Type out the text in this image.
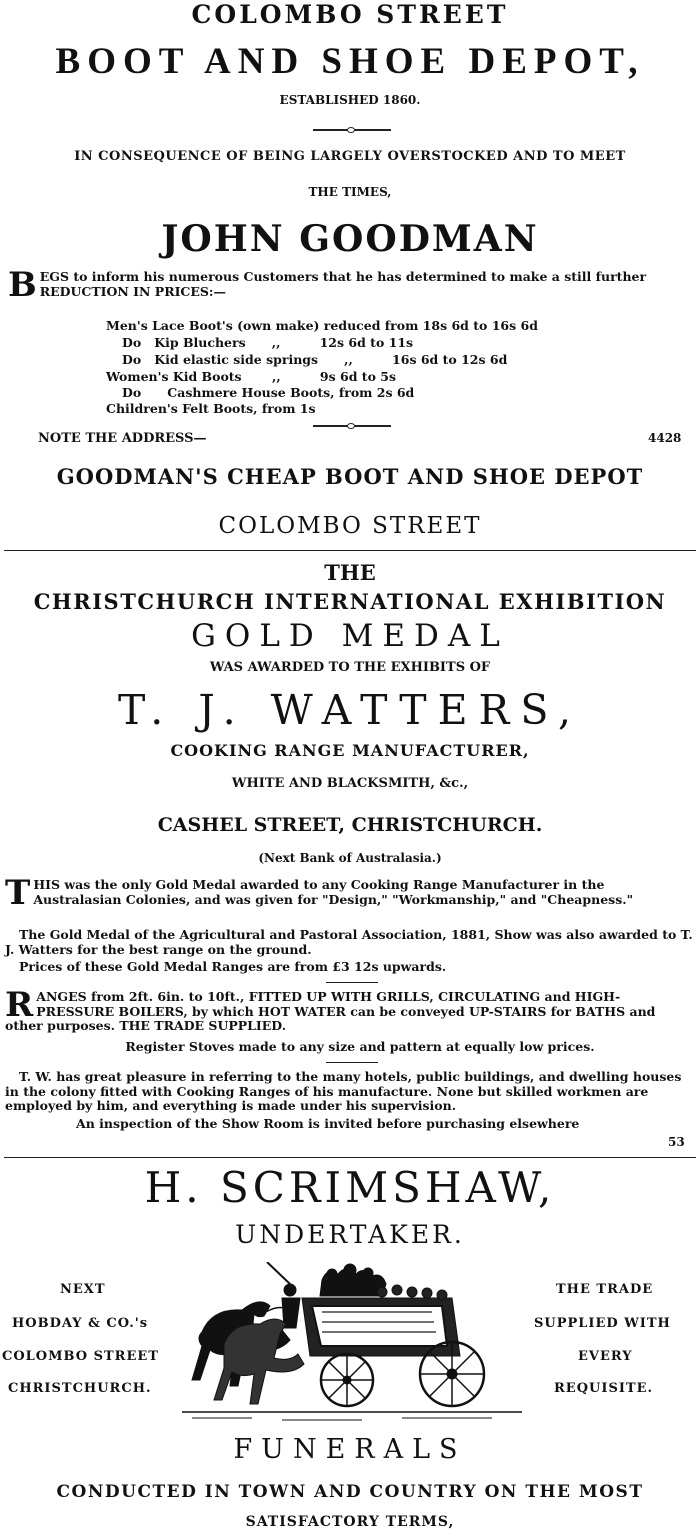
COLOMBO STREET
BOOT AND SHOE DEPOT,
ESTABLISHED 1860.
IN CONSEQUENCE OF BEING LARGELY OVERSTOCKED AND TO MEET
THE TIMES,
JOHN GOODMAN
B EGS to inform his numerous Customers that he has determined to make a still further REDUCTION IN PRICES:—
Men's Lace Boot's (own make) reduced from 18s 6d to 16s 6d
Do   Kip Bluchers      ,,         12s 6d to 11s
Do   Kid elastic side springs      ,,         16s 6d to 12s 6d
Women's Kid Boots       ,,         9s 6d to 5s
Do      Cashmere House Boots, from 2s 6d
Children's Felt Boots, from 1s
NOTE THE ADDRESS—	4428
GOODMAN'S CHEAP BOOT AND SHOE DEPOT
COLOMBO STREET
THE
CHRISTCHURCH INTERNATIONAL EXHIBITION
GOLD MEDAL
WAS AWARDED TO THE EXHIBITS OF
T. J. WATTERS,
COOKING RANGE MANUFACTURER,
WHITE AND BLACKSMITH, &c.,
CASHEL STREET, CHRISTCHURCH.
(Next Bank of Australasia.)
T HIS was the only Gold Medal awarded to any Cooking Range Manufacturer in the Australasian Colonies, and was given for "Design," "Workmanship," and "Cheapness."
The Gold Medal of the Agricultural and Pastoral Association, 1881, Show was also awarded to T. J. Watters for the best range on the ground.
Prices of these Gold Medal Ranges are from £3 12s upwards.
R ANGES from 2ft. 6in. to 10ft., FITTED UP WITH GRILLS, CIRCULATING and HIGH-PRESSURE BOILERS, by which HOT WATER can be conveyed UP-STAIRS for BATHS and other purposes. THE TRADE SUPPLIED.
Register Stoves made to any size and pattern at equally low prices.
T. W. has great pleasure in referring to the many hotels, public buildings, and dwelling houses in the colony fitted with Cooking Ranges of his manufacture. None but skilled workmen are employed by him, and everything is made under his supervision.
An inspection of the Show Room is invited before purchasing elsewhere
53
H. SCRIMSHAW,
UNDERTAKER.
NEXT
HOBDAY & CO.'s
COLOMBO STREET
CHRISTCHURCH.
THE TRADE
SUPPLIED WITH
EVERY
REQUISITE.
FUNERALS
CONDUCTED IN TOWN AND COUNTRY ON THE MOST
SATISFACTORY TERMS,
